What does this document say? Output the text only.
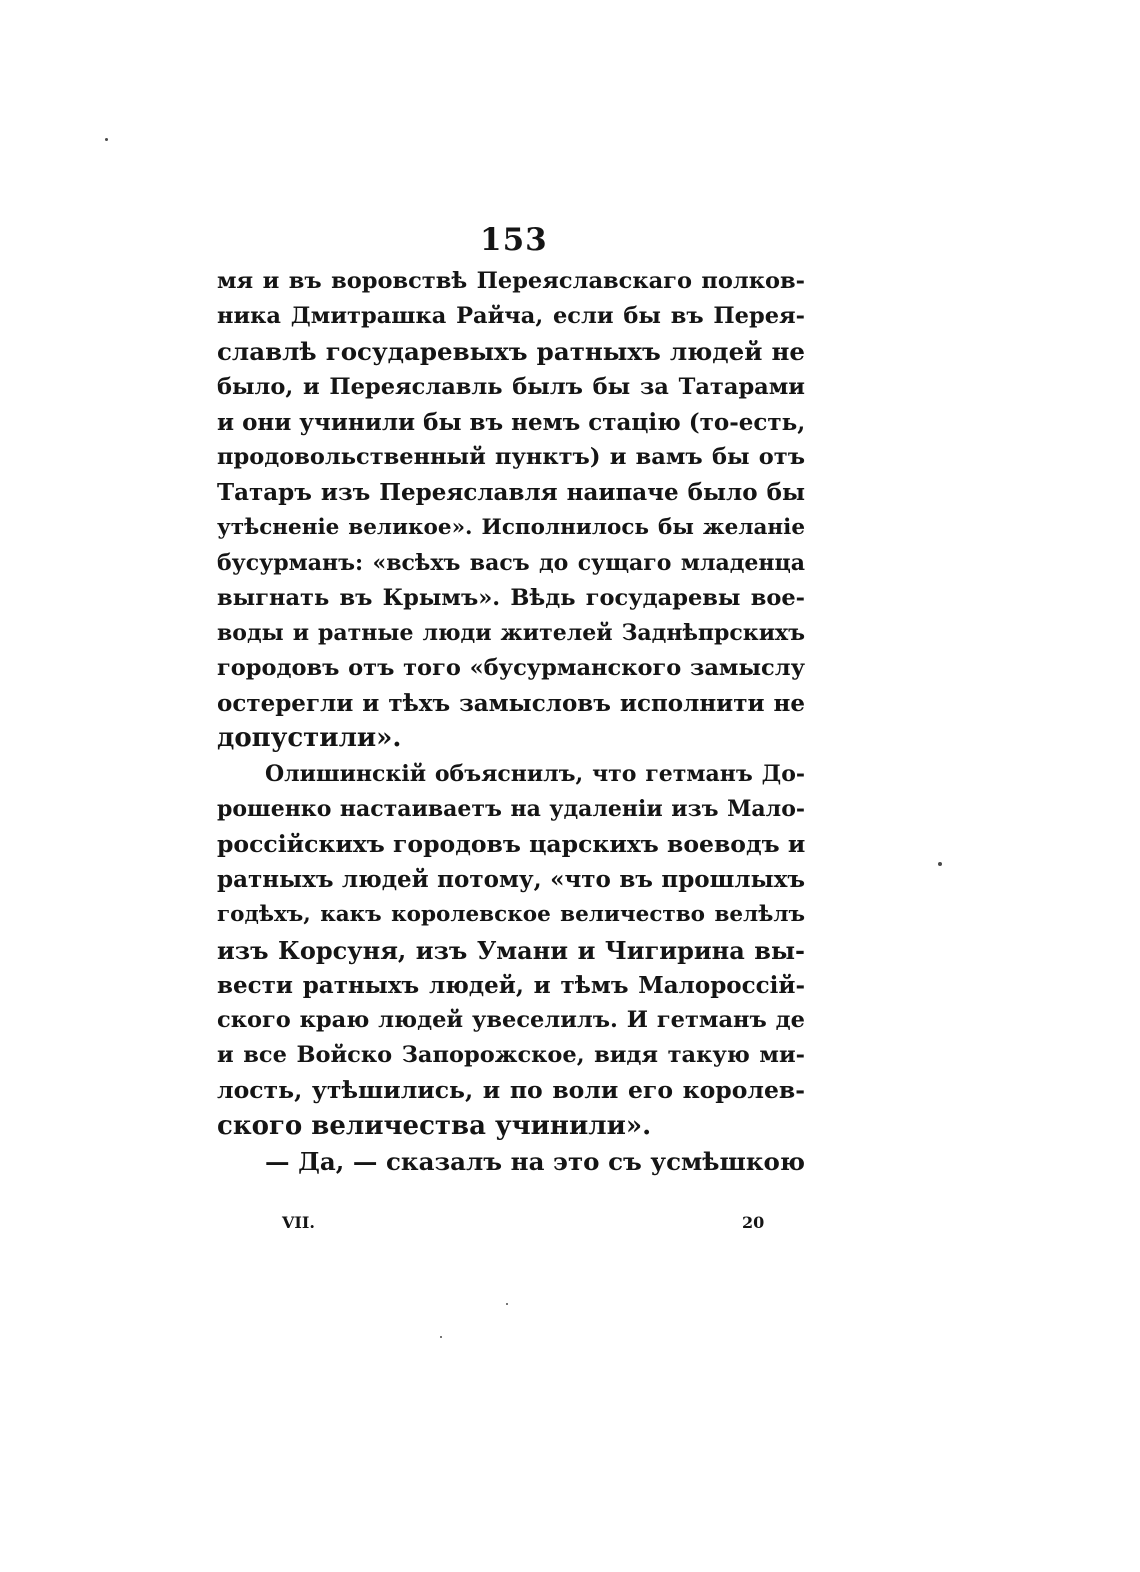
153
мя и въ воровствѣ Переяславскаго полков-
ника Дмитрашка Райча, если бы въ Перея-
славлѣ государевыхъ ратныхъ людей не
было, и Переяславль былъ бы за Татарами
и они учинили бы въ немъ стацію (то-есть,
продовольственный пунктъ) и вамъ бы отъ
Татаръ изъ Переяславля наипаче было бы
утѣсненіе великое». Исполнилось бы желаніе
бусурманъ: «всѣхъ васъ до сущаго младенца
выгнать въ Крымъ». Вѣдь государевы вое-
воды и ратные люди жителей Заднѣпрскихъ
городовъ отъ того «бусурманского замыслу
остерегли и тѣхъ замысловъ исполнити не
допустили».
Олишинскій объяснилъ, что гетманъ До-
рошенко настаиваетъ на удаленіи изъ Мало-
россійскихъ городовъ царскихъ воеводъ и
ратныхъ людей потому, «что въ прошлыхъ
годѣхъ, какъ королевское величество велѣлъ
изъ Корсуня, изъ Умани и Чигирина вы-
вести ратныхъ людей, и тѣмъ Малороссій-
ского краю людей увеселилъ. И гетманъ де
и все Войско Запорожское, видя такую ми-
лость, утѣшились, и по воли его королев-
ского величества учинили».
— Да, — сказалъ на это съ усмѣшкою
VII.	20
